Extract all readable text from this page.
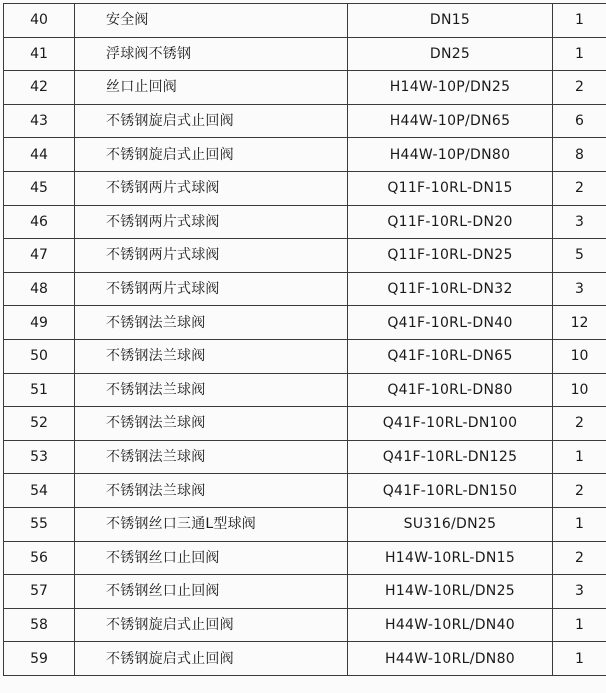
40	安全阀	DN15	1
41	浮球阀不锈钢	DN25	1
42	丝口止回阀	H14W-10P/DN25	2
43	不锈钢旋启式止回阀	H44W-10P/DN65	6
44	不锈钢旋启式止回阀	H44W-10P/DN80	8
45	不锈钢两片式球阀	Q11F-10RL-DN15	2
46	不锈钢两片式球阀	Q11F-10RL-DN20	3
47	不锈钢两片式球阀	Q11F-10RL-DN25	5
48	不锈钢两片式球阀	Q11F-10RL-DN32	3
49	不锈钢法兰球阀	Q41F-10RL-DN40	12
50	不锈钢法兰球阀	Q41F-10RL-DN65	10
51	不锈钢法兰球阀	Q41F-10RL-DN80	10
52	不锈钢法兰球阀	Q41F-10RL-DN100	2
53	不锈钢法兰球阀	Q41F-10RL-DN125	1
54	不锈钢法兰球阀	Q41F-10RL-DN150	2
55	不锈钢丝口三通L型球阀	SU316/DN25	1
56	不锈钢丝口止回阀	H14W-10RL-DN15	2
57	不锈钢丝口止回阀	H14W-10RL/DN25	3
58	不锈钢旋启式止回阀	H44W-10RL/DN40	1
59	不锈钢旋启式止回阀	H44W-10RL/DN80	1
